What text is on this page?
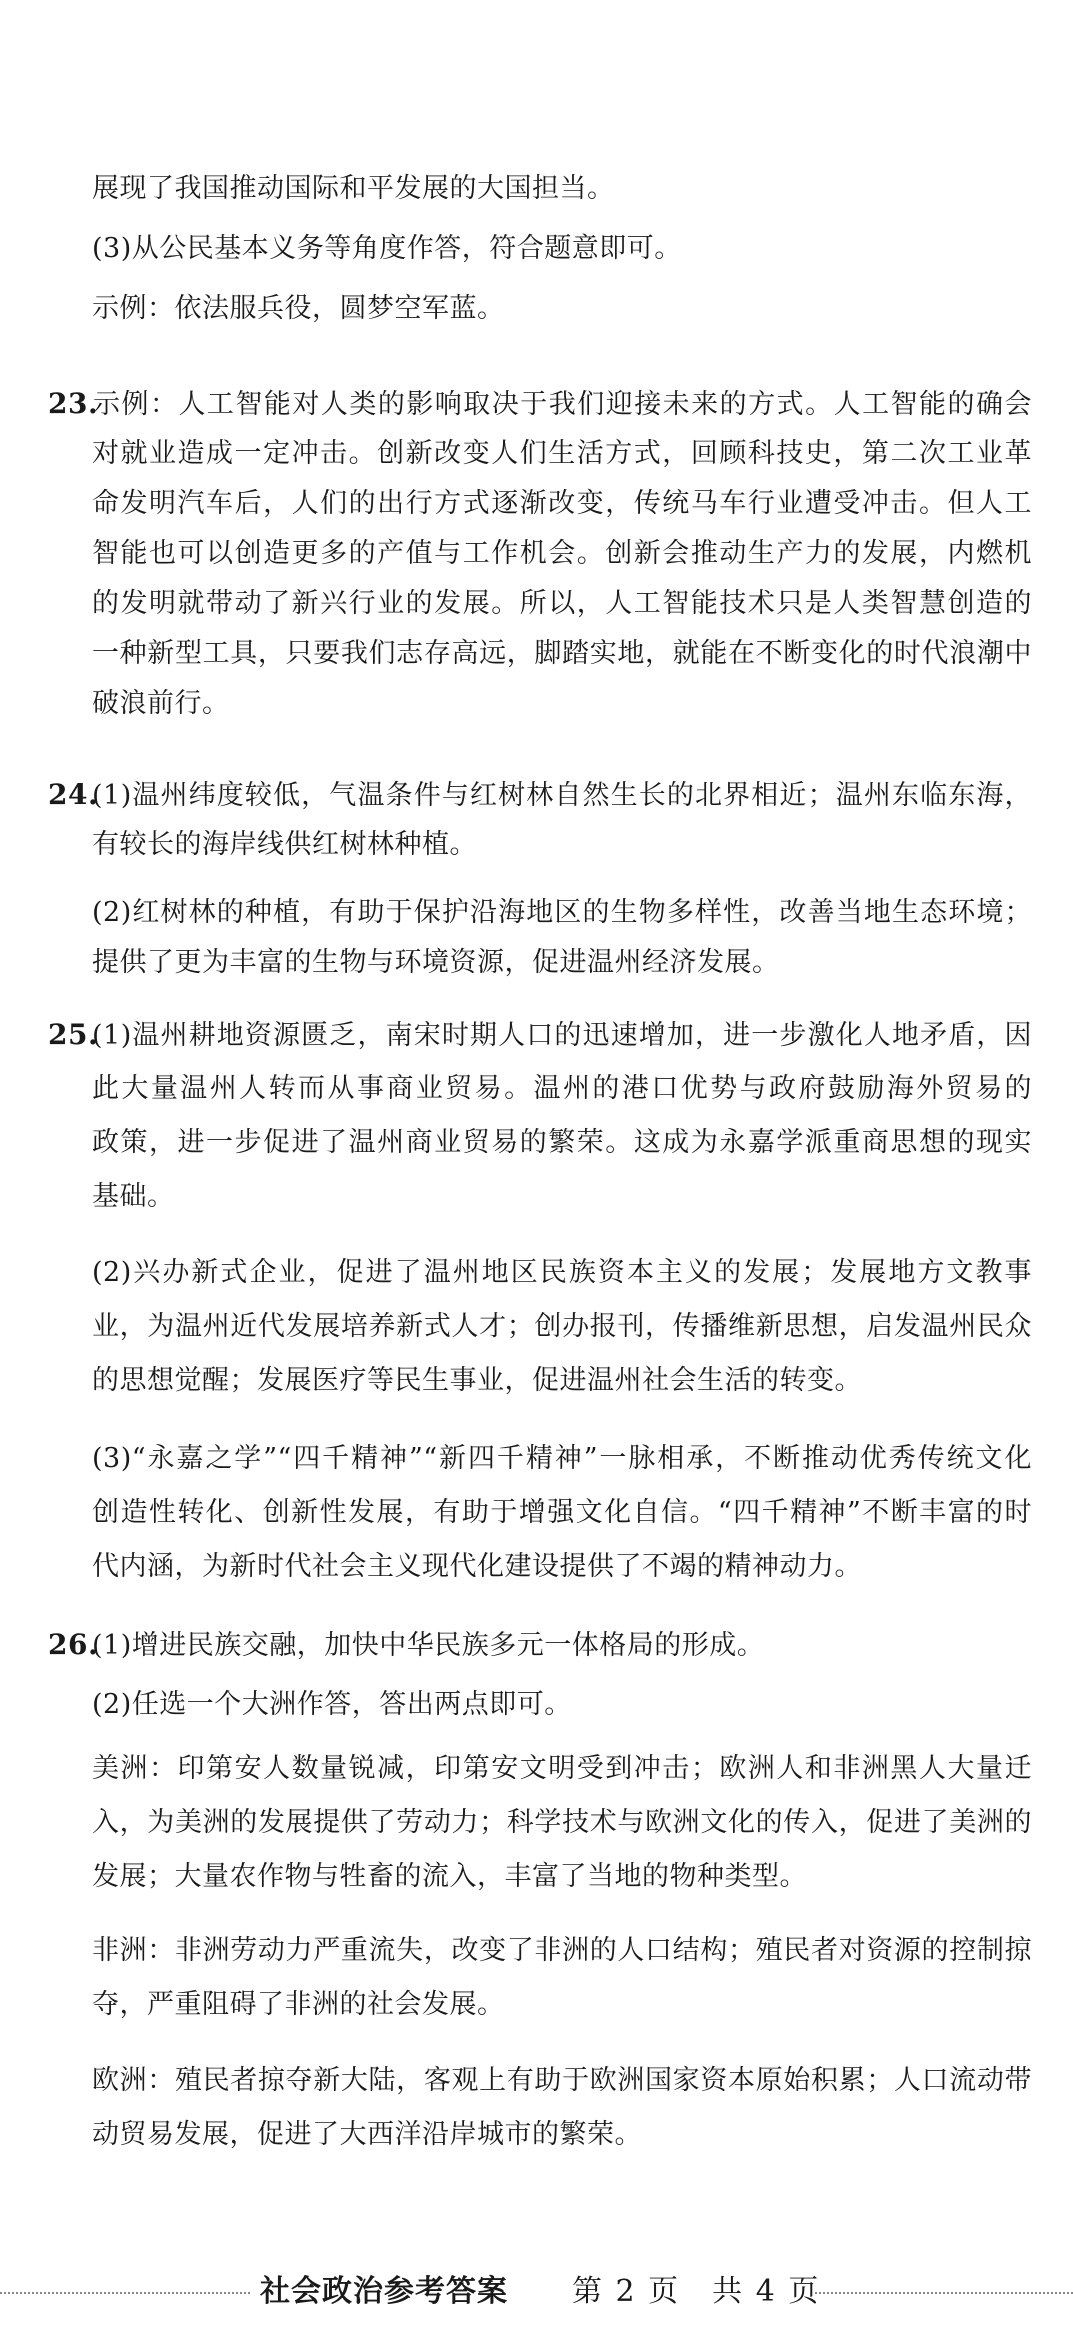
展现了我国推动国际和平发展的大国担当。
(3)从公民基本义务等角度作答，符合题意即可。
示例：依法服兵役，圆梦空军蓝。
23.示例：人工智能对人类的影响取决于我们迎接未来的方式。人工智能的确会
对就业造成一定冲击。创新改变人们生活方式，回顾科技史，第二次工业革
命发明汽车后，人们的出行方式逐渐改变，传统马车行业遭受冲击。但人工
智能也可以创造更多的产值与工作机会。创新会推动生产力的发展，内燃机
的发明就带动了新兴行业的发展。所以，人工智能技术只是人类智慧创造的
一种新型工具，只要我们志存高远，脚踏实地，就能在不断变化的时代浪潮中
破浪前行。
24.(1)温州纬度较低，气温条件与红树林自然生长的北界相近；温州东临东海，
有较长的海岸线供红树林种植。
(2)红树林的种植，有助于保护沿海地区的生物多样性，改善当地生态环境；
提供了更为丰富的生物与环境资源，促进温州经济发展。
25.(1)温州耕地资源匮乏，南宋时期人口的迅速增加，进一步激化人地矛盾，因
此大量温州人转而从事商业贸易。温州的港口优势与政府鼓励海外贸易的
政策，进一步促进了温州商业贸易的繁荣。这成为永嘉学派重商思想的现实
基础。
(2)兴办新式企业，促进了温州地区民族资本主义的发展；发展地方文教事
业，为温州近代发展培养新式人才；创办报刊，传播维新思想，启发温州民众
的思想觉醒；发展医疗等民生事业，促进温州社会生活的转变。
(3)“永嘉之学”“四千精神”“新四千精神”一脉相承，不断推动优秀传统文化
创造性转化、创新性发展，有助于增强文化自信。“四千精神”不断丰富的时
代内涵，为新时代社会主义现代化建设提供了不竭的精神动力。
26.(1)增进民族交融，加快中华民族多元一体格局的形成。
(2)任选一个大洲作答，答出两点即可。
美洲：印第安人数量锐减，印第安文明受到冲击；欧洲人和非洲黑人大量迁
入，为美洲的发展提供了劳动力；科学技术与欧洲文化的传入，促进了美洲的
发展；大量农作物与牲畜的流入，丰富了当地的物种类型。
非洲：非洲劳动力严重流失，改变了非洲的人口结构；殖民者对资源的控制掠
夺，严重阻碍了非洲的社会发展。
欧洲：殖民者掠夺新大陆，客观上有助于欧洲国家资本原始积累；人口流动带
动贸易发展，促进了大西洋沿岸城市的繁荣。
社会政治参考答案 第 2 页　共 4 页
